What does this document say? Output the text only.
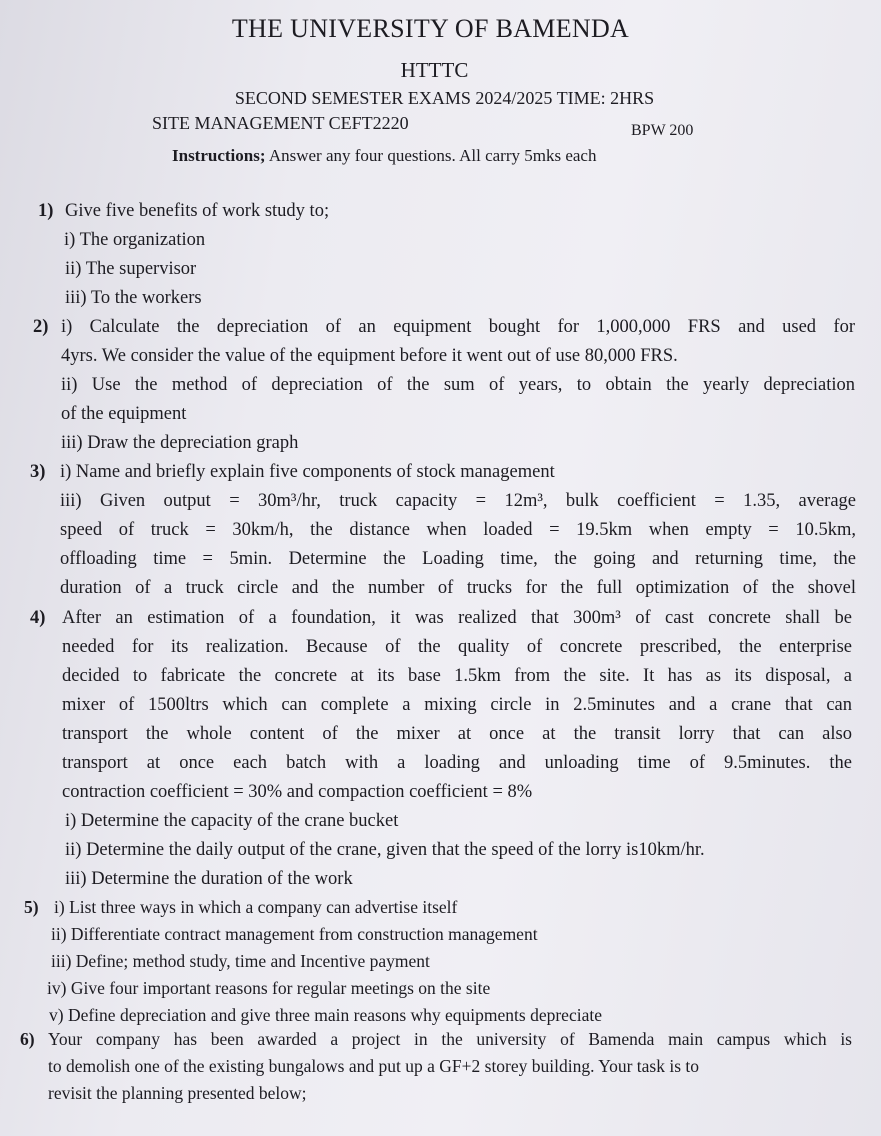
THE UNIVERSITY OF BAMENDA
HTTTC
SECOND SEMESTER EXAMS 2024/2025 TIME: 2HRS
SITE MANAGEMENT CEFT2220	BPW 200
Instructions; Answer any four questions. All carry 5mks each
1) Give five benefits of work study to;
i) The organization
ii) The supervisor
iii) To the workers
2) i) Calculate the depreciation of an equipment bought for 1,000,000 FRS and used for
4yrs. We consider the value of the equipment before it went out of use 80,000 FRS.
ii) Use the method of depreciation of the sum of years, to obtain the yearly depreciation
of the equipment
iii) Draw the depreciation graph
3) i) Name and briefly explain five components of stock management
iii) Given output = 30m³/hr, truck capacity = 12m³, bulk coefficient = 1.35, average
speed of truck = 30km/h, the distance when loaded = 19.5km when empty = 10.5km,
offloading time = 5min. Determine the Loading time, the going and returning time, the
duration of a truck circle and the number of trucks for the full optimization of the shovel
4) After an estimation of a foundation, it was realized that 300m³ of cast concrete shall be
needed for its realization. Because of the quality of concrete prescribed, the enterprise
decided to fabricate the concrete at its base 1.5km from the site. It has as its disposal, a
mixer of 1500ltrs which can complete a mixing circle in 2.5minutes and a crane that can
transport the whole content of the mixer at once at the transit lorry that can also
transport at once each batch with a loading and unloading time of 9.5minutes. the
contraction coefficient = 30% and compaction coefficient = 8%
i) Determine the capacity of the crane bucket
ii) Determine the daily output of the crane, given that the speed of the lorry is10km/hr.
iii) Determine the duration of the work
5) i) List three ways in which a company can advertise itself
ii) Differentiate contract management from construction management
iii) Define; method study, time and Incentive payment
iv) Give four important reasons for regular meetings on the site
v) Define depreciation and give three main reasons why equipments depreciate
6) Your company has been awarded a project in the university of Bamenda main campus which is
to demolish one of the existing bungalows and put up a GF+2 storey building. Your task is to
revisit the planning presented below;
